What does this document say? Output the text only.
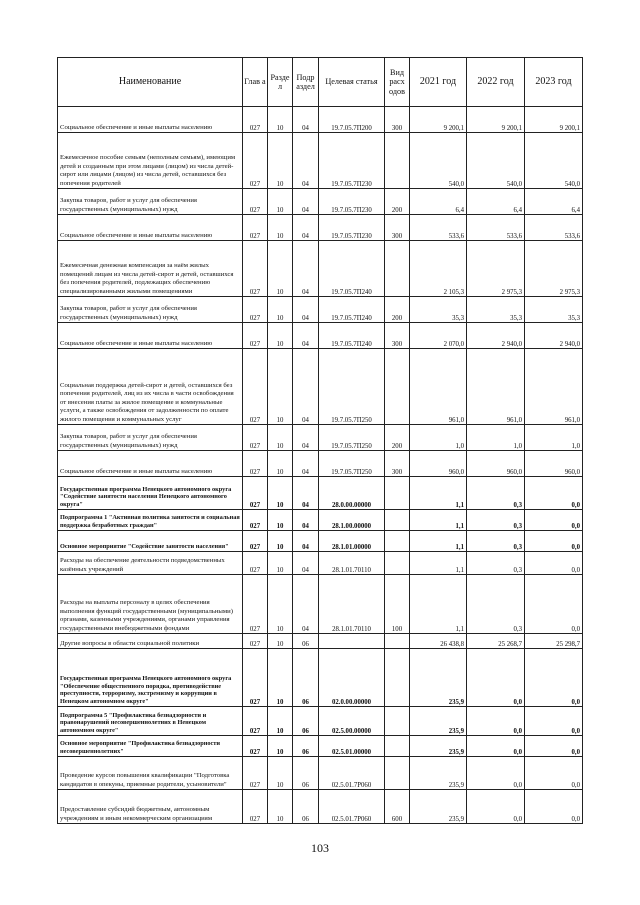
Наименование	Глав а	Разде л	Подр аздел	Целевая статья	Вид расх одов	2021 год	2022 год	2023 год
Социальное обеспечение и иные выплаты населению	027	10	04	19.7.05.7П200	300	9 200,1	9 200,1	9 200,1
Ежемесячное пособие семьям (неполным семьям), имеющим детей и созданным при этом лицами (лицом) из числа детей-сирот или лицами (лицом) из числа детей, оставшихся без попечения родителей	027	10	04	19.7.05.7П230		540,0	540,0	540,0
Закупка товаров, работ и услуг для обеспечения государственных (муниципальных) нужд	027	10	04	19.7.05.7П230	200	6,4	6,4	6,4
Социальное обеспечение и иные выплаты населению	027	10	04	19.7.05.7П230	300	533,6	533,6	533,6
Ежемесячная денежная компенсация за наём жилых помещений лицам из числа детей-сирот и детей, оставшихся без попечения родителей, подлежащих обеспечению специализированными жилыми помещениями	027	10	04	19.7.05.7П240		2 105,3	2 975,3	2 975,3
Закупка товаров, работ и услуг для обеспечения государственных (муниципальных) нужд	027	10	04	19.7.05.7П240	200	35,3	35,3	35,3
Социальное обеспечение и иные выплаты населению	027	10	04	19.7.05.7П240	300	2 070,0	2 940,0	2 940,0
Социальная поддержка детей-сирот и детей, оставшихся без попечения родителей, лиц из их числа в части освобождения от внесения платы за жилое помещение и коммунальные услуги, а также освобождения от задолженности по оплате жилого помещения и коммунальных услуг	027	10	04	19.7.05.7П250		961,0	961,0	961,0
Закупка товаров, работ и услуг для обеспечения государственных (муниципальных) нужд	027	10	04	19.7.05.7П250	200	1,0	1,0	1,0
Социальное обеспечение и иные выплаты населению	027	10	04	19.7.05.7П250	300	960,0	960,0	960,0
Государственная программа Ненецкого автономного округа "Содействие занятости населения Ненецкого автономного округа"	027	10	04	28.0.00.00000		1,1	0,3	0,0
Подпрограмма 1 "Активная политика занятости и социальная поддержка безработных граждан"	027	10	04	28.1.00.00000		1,1	0,3	0,0
Основное мероприятие "Содействие занятости населения"	027	10	04	28.1.01.00000		1,1	0,3	0,0
Расходы на обеспечение деятельности подведомственных казённых учреждений	027	10	04	28.1.01.70110		1,1	0,3	0,0
Расходы на выплаты персоналу в целях обеспечения выполнения функций государственными (муниципальными) органами, казенными учреждениями, органами управления государственными внебюджетными фондами	027	10	04	28.1.01.70110	100	1,1	0,3	0,0
Другие вопросы в области социальной политики	027	10	06			26 438,8	25 268,7	25 298,7
Государственная программа Ненецкого автономного округа "Обеспечение общественного порядка, противодействие преступности, терроризму, экстремизму и коррупции в Ненецком автономном округе"	027	10	06	02.0.00.00000		235,9	0,0	0,0
Подпрограмма 5 "Профилактика безнадзорности и правонарушений несовершеннолетних в Ненецком автономном округе"	027	10	06	02.5.00.00000		235,9	0,0	0,0
Основное мероприятие "Профилактика безнадзорности несовершеннолетних"	027	10	06	02.5.01.00000		235,9	0,0	0,0
Проведение курсов повышения квалификации "Подготовка кандидатов в опекуны, приемные родители, усыновители"	027	10	06	02.5.01.7Р060		235,9	0,0	0,0
Предоставление субсидий бюджетным, автономным учреждениям и иным некоммерческим организациям	027	10	06	02.5.01.7Р060	600	235,9	0,0	0,0
103
